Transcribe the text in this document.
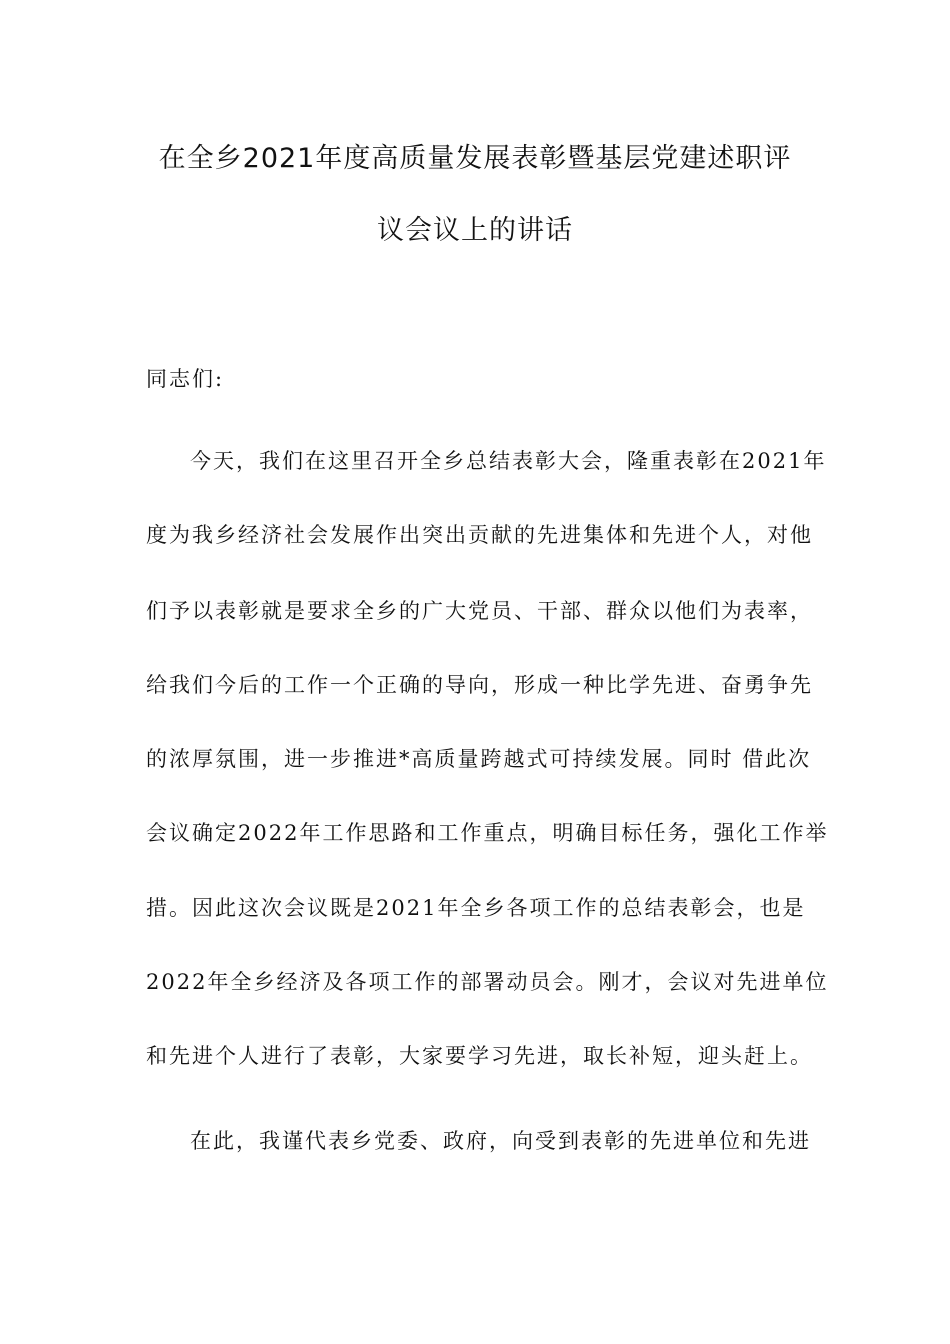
在全乡2021年度高质量发展表彰暨基层党建述职评
议会议上的讲话
同志们:
今天，我们在这里召开全乡总结表彰大会，隆重表彰在2021年
度为我乡经济社会发展作出突出贡献的先进集体和先进个人，对他
们予以表彰就是要求全乡的广大党员、干部、群众以他们为表率，
给我们今后的工作一个正确的导向，形成一种比学先进、奋勇争先
的浓厚氛围，进一步推进*高质量跨越式可持续发展。同时 借此次
会议确定2022年工作思路和工作重点，明确目标任务，强化工作举
措。因此这次会议既是2021年全乡各项工作的总结表彰会，也是
2022年全乡经济及各项工作的部署动员会。刚才，会议对先进单位
和先进个人进行了表彰，大家要学习先进，取长补短，迎头赶上。
在此，我谨代表乡党委、政府，向受到表彰的先进单位和先进
